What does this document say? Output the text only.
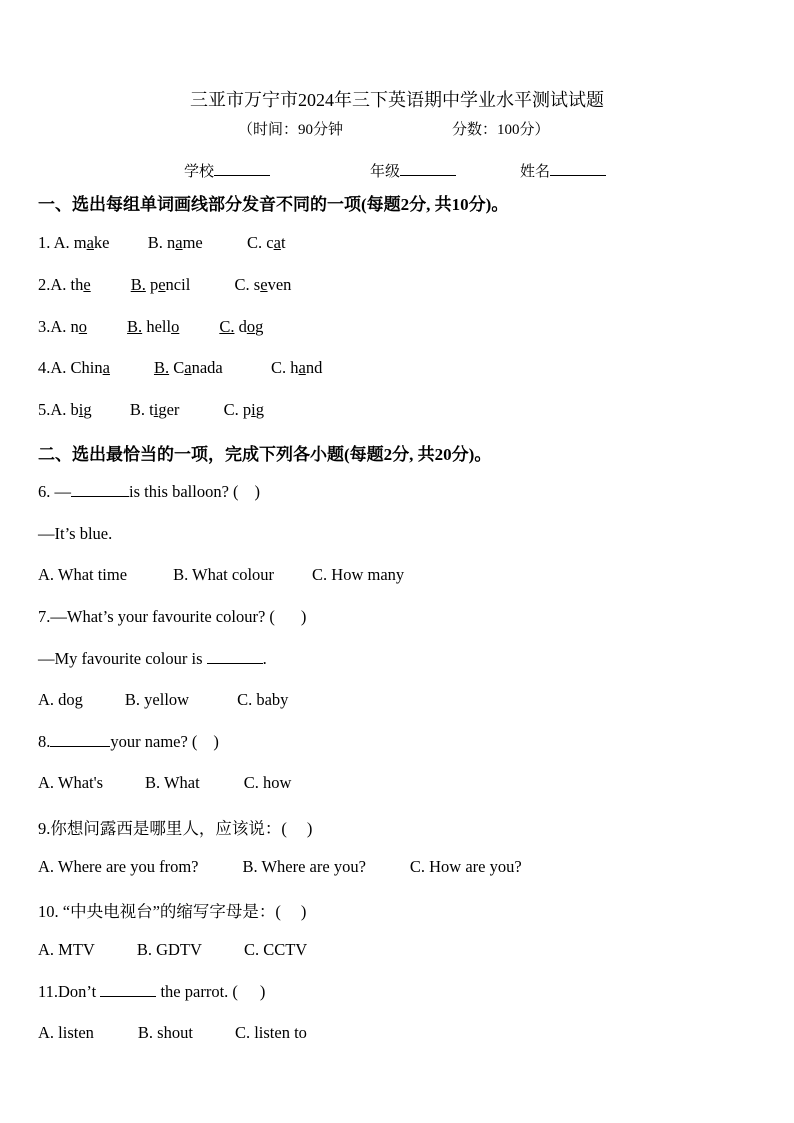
三亚市万宁市2024年三下英语期中学业水平测试试题
（时间：90分钟	分数：100分）
学校	年级	姓名
一、选出每组单词画线部分发音不同的一项(每题2分, 共10分)。
1. A. make B. name	C. cat
2.A. the B. pencil	C. seven
3.A. no B. hello C. dog
4.A. China	B. Canada	C. hand
5.A. big B. tiger	C. pig
二、选出最恰当的一项，完成下列各小题(每题2分, 共20分)。
6. —	is this balloon? ( )
—It’s blue.
A. What time	B. What colour C. How many
7.—What’s your favourite colour? ( )
—My favourite colour is	.
A. dog	B. yellow	C. baby
8.	your name? ( )
A. What's	B. What	C. how
9.你想问露西是哪里人，应该说：( )
A. Where are you from?	B. Where are you?	C. How are you?
10. “中央电视台”的缩写字母是：( )
A. MTV	B. GDTV	C. CCTV
11.Don’t	the parrot. ( )
A. listen	B. shout	C. listen to
